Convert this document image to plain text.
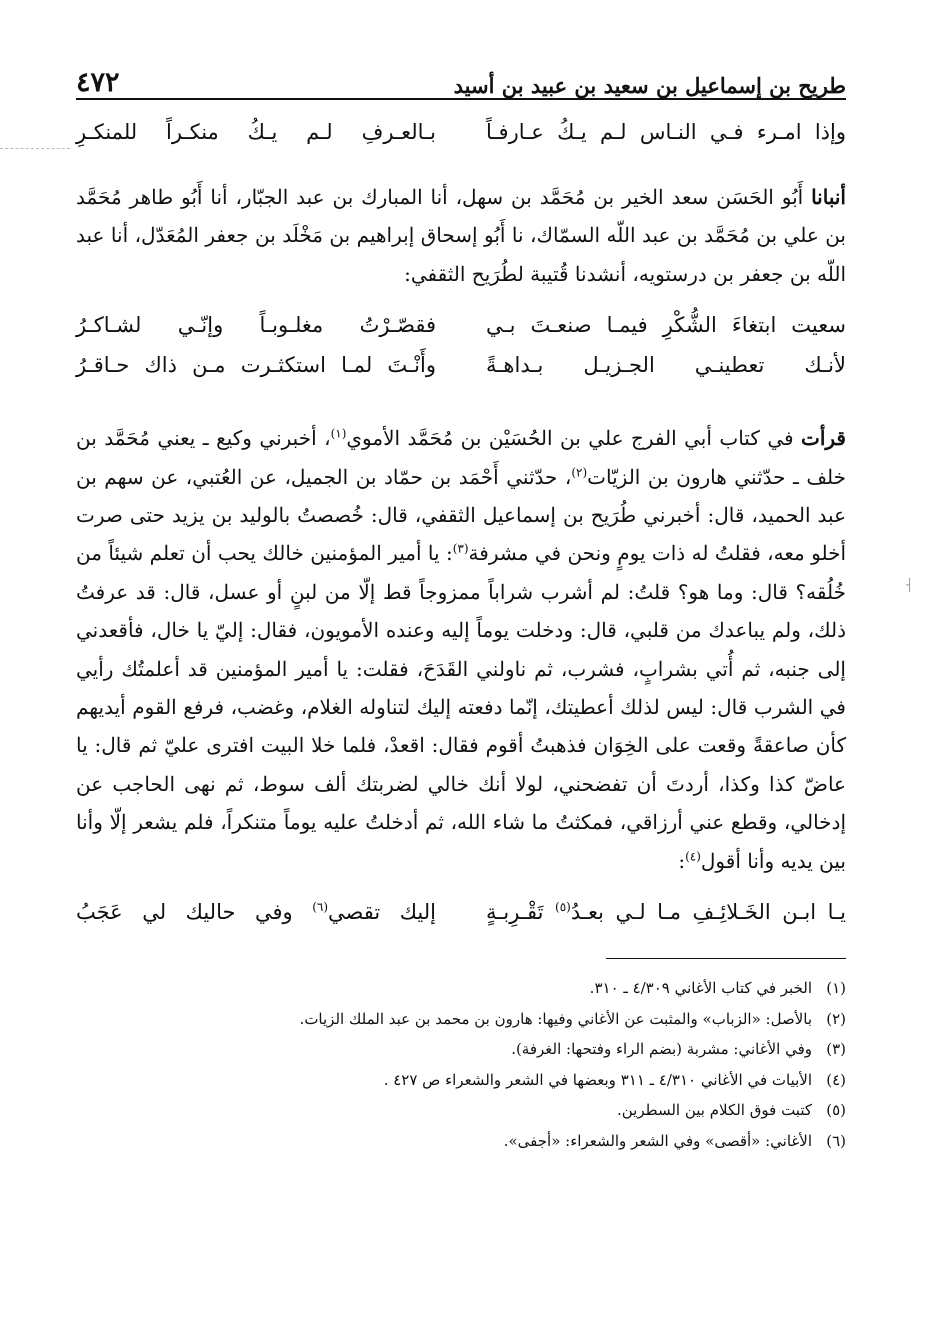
┤
طريح بن إسماعيل بن سعيد بن عبيد بن أسيد
٤٧٢
وإذا امـرء فـي النـاس لـم يـكُ عـارفـاً
بـالعـرفِ لـم يـكُ منكـراً للمنكـرِ

أنبانا أَبُو الحَسَن سعد الخير بن مُحَمَّد بن سهل، أنا المبارك بن عبد الجبّار، أنا أَبُو طاهر مُحَمَّد بن علي بن مُحَمَّد بن عبد اللّه السمّاك، نا أَبُو إسحاق إبراهيم بن مَخْلَد بن جعفر المُعَدّل، أنا عبد اللّه بن جعفر بن درستويه، أنشدنا قُتيبة لطُرَيح الثقفي:

سعيت ابتغاءَ الشُّكْرِ فيمـا صنعـتَ بـي
فقصّـرْتُ مغلـوبـاً وإنّـي لشـاكـرُ
لأنـك تعطينـي الجـزيـل بـداهـةً
وأَنْـتَ لمـا استكثـرت مـن ذاك حـاقـرُ

قرأت في كتاب أبي الفرج علي بن الحُسَيْن بن مُحَمَّد الأموي$^{(١)}$، أخبرني وكيع ـ يعني مُحَمَّد بن خلف ـ حدّثني هارون بن الزيّات$^{(٢)}$، حدّثني أَحْمَد بن حمّاد بن الجميل، عن العُتبي، عن سهم بن عبد الحميد، قال: أخبرني طُرَيح بن إسماعيل الثقفي، قال: خُصصتُ بالوليد بن يزيد حتى صرت أخلو معه، فقلتُ له ذات يومٍ ونحن في مشرفة$^{(٣)}$: يا أمير المؤمنين خالك يحب أن تعلم شيئاً من خُلُقه؟ قال: وما هو؟ قلتُ: لم أشرب شراباً ممزوجاً قط إلّا من لبنٍ أو عسل، قال: قد عرفتُ ذلك، ولم يباعدك من قلبي، قال: ودخلت يوماً إليه وعنده الأمويون، فقال: إليّ يا خال، فأقعدني إلى جنبه، ثم أُتي بشرابٍ، فشرب، ثم ناولني القَدَحَ، فقلت: يا أمير المؤمنين قد أعلمتُك رأيي في الشرب قال: ليس لذلك أعطيتك، إنّما دفعته إليك لتناوله الغلام، وغضب، فرفع القوم أيديهم كأن صاعقةً وقعت على الخِوَان فذهبتُ أقوم فقال: اقعدْ، فلما خلا البيت افترى عليّ ثم قال: يا عاضّ كذا وكذا، أردتَ أن تفضحني، لولا أنك خالي لضربتك ألف سوط، ثم نهى الحاجب عن إدخالي، وقطع عني أرزاقي، فمكثتُ ما شاء الله، ثم أدخلتُ عليه يوماً متنكراً، فلم يشعر إلّا وأنا بين يديه وأنا أقول$^{(٤)}$:

يـا ابـن الخَـلائِـفِ مـا لـي بعـدُ$^{(٥)}$ تَقْـرِبـةٍ
إليك تقصي$^{(٦)}$ وفي حاليك لي عَجَبُ
(١)
الخبر في كتاب الأغاني ٤/٣٠٩ ـ ٣١٠.
(٢)
بالأصل: «الزباب» والمثبت عن الأغاني وفيها: هارون بن محمد بن عبد الملك الزيات.
(٣)
وفي الأغاني: مشربة (بضم الراء وفتحها: الغرفة).
(٤)
الأبيات في الأغاني ٤/٣١٠ ـ ٣١١ وبعضها في الشعر والشعراء ص ٤٢٧ .
(٥)
كتبت فوق الكلام بين السطرين.
(٦)
الأغاني: «أقصى» وفي الشعر والشعراء: «أجفى».
